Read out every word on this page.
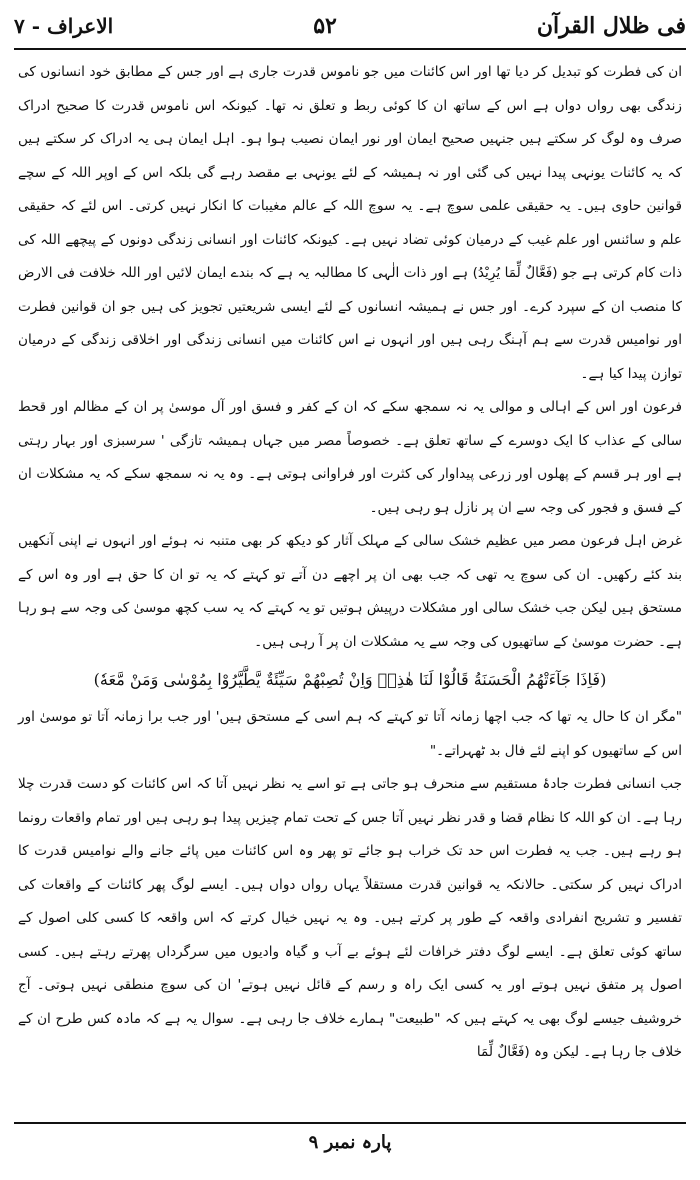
فی ظلال القرآن
۵۲
الاعراف - ۷

ان کی فطرت کو تبدیل کر دیا تھا اور اس کائنات میں جو ناموس قدرت جاری ہے اور جس کے مطابق خود انسانوں کی زندگی بھی رواں دواں ہے اس کے ساتھ ان کا کوئی ربط و تعلق نہ تھا۔ کیونکہ اس ناموس قدرت کا صحیح ادراک صرف وہ لوگ کر سکتے ہیں جنہیں صحیح ایمان اور نور ایمان نصیب ہوا ہو۔ اہل ایمان ہی یہ ادراک کر سکتے ہیں کہ یہ کائنات یونہی پیدا نہیں کی گئی اور نہ ہمیشہ کے لئے یونہی بے مقصد رہے گی بلکہ اس کے اوپر اللہ کے سچے قوانین حاوی ہیں۔ یہ حقیقی علمی سوچ ہے۔ یہ سوچ اللہ کے عالم مغیبات کا انکار نہیں کرتی۔ اس لئے کہ حقیقی علم و سائنس اور علم غیب کے درمیان کوئی تضاد نہیں ہے۔ کیونکہ کائنات اور انسانی زندگی دونوں کے پیچھے اللہ کی ذات کام کرتی ہے جو (فَعَّالٌ لِّمَا یُرِیْدُ) ہے اور ذات الٰہی کا مطالبہ یہ ہے کہ بندے ایمان لائیں اور اللہ خلافت فی الارض کا منصب ان کے سپرد کرے۔ اور جس نے ہمیشہ انسانوں کے لئے ایسی شریعتیں تجویز کی ہیں جو ان قوانین فطرت اور نوامیس قدرت سے ہم آہنگ رہی ہیں اور انہوں نے اس کائنات میں انسانی زندگی اور اخلاقی زندگی کے درمیان توازن پیدا کیا ہے۔

فرعون اور اس کے اہالی و موالی یہ نہ سمجھ سکے کہ ان کے کفر و فسق اور آل موسیٰ پر ان کے مظالم اور قحط سالی کے عذاب کا ایک دوسرے کے ساتھ تعلق ہے۔ خصوصاً مصر میں جہاں ہمیشہ تازگی ' سرسبزی اور بہار رہتی ہے اور ہر قسم کے پھلوں اور زرعی پیداوار کی کثرت اور فراوانی ہوتی ہے۔ وہ یہ نہ سمجھ سکے کہ یہ مشکلات ان کے فسق و فجور کی وجہ سے ان پر نازل ہو رہی ہیں۔

غرض اہل فرعون مصر میں عظیم خشک سالی کے مہلک آثار کو دیکھ کر بھی متنبہ نہ ہوئے اور انہوں نے اپنی آنکھیں بند کئے رکھیں۔ ان کی سوچ یہ تھی کہ جب بھی ان پر اچھے دن آتے تو کہتے کہ یہ تو ان کا حق ہے اور وہ اس کے مستحق ہیں لیکن جب خشک سالی اور مشکلات درپیش ہوتیں تو یہ کہتے کہ یہ سب کچھ موسیٰ کی وجہ سے ہو رہا ہے۔ حضرت موسیٰ کے ساتھیوں کی وجہ سے یہ مشکلات ان پر آ رہی ہیں۔

(فَاِذَا جَآءَتْهُمُ الْحَسَنَةُ قَالُوْا لَنَا هٰذِهٖ وَاِنْ تُصِبْهُمْ سَیِّئَةٌ یَّطَّیَّرُوْا بِمُوْسٰی وَمَنْ مَّعَهٗ)

"مگر ان کا حال یہ تھا کہ جب اچھا زمانہ آتا تو کہتے کہ ہم اسی کے مستحق ہیں' اور جب برا زمانہ آتا تو موسیٰ اور اس کے ساتھیوں کو اپنے لئے فال بد ٹھہراتے۔"

جب انسانی فطرت جادۂ مستقیم سے منحرف ہو جاتی ہے تو اسے یہ نظر نہیں آتا کہ اس کائنات کو دست قدرت چلا رہا ہے۔ ان کو اللہ کا نظام قضا و قدر نظر نہیں آتا جس کے تحت تمام چیزیں پیدا ہو رہی ہیں اور تمام واقعات رونما ہو رہے ہیں۔ جب یہ فطرت اس حد تک خراب ہو جائے تو پھر وہ اس کائنات میں پائے جانے والے نوامیس قدرت کا ادراک نہیں کر سکتی۔ حالانکہ یہ قوانین قدرت مستقلاً یہاں رواں دواں ہیں۔ ایسے لوگ پھر کائنات کے واقعات کی تفسیر و تشریح انفرادی واقعہ کے طور پر کرتے ہیں۔ وہ یہ نہیں خیال کرتے کہ اس واقعہ کا کسی کلی اصول کے ساتھ کوئی تعلق ہے۔ ایسے لوگ دفتر خرافات لئے ہوئے بے آب و گیاہ وادیوں میں سرگرداں پھرتے رہتے ہیں۔ کسی اصول پر متفق نہیں ہوتے اور یہ کسی ایک راہ و رسم کے قائل نہیں ہوتے' ان کی سوچ منطقی نہیں ہوتی۔ آج خروشیف جیسے لوگ بھی یہ کہتے ہیں کہ "طبیعت" ہمارے خلاف جا رہی ہے۔ سوال یہ ہے کہ مادہ کس طرح ان کے خلاف جا رہا ہے۔ لیکن وہ (فَعَّالٌ لِّمَا

پارہ نمبر ۹
